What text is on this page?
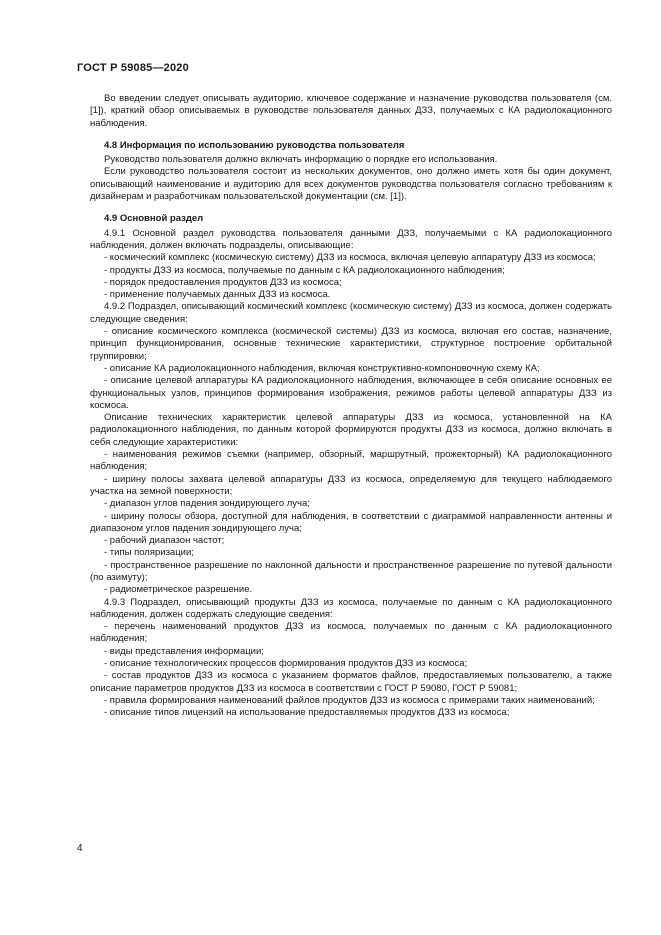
ГОСТ Р 59085—2020

Во введении следует описывать аудиторию, ключевое содержание и назначение руководства пользователя (см. [1]), краткий обзор описываемых в руководстве пользователя данных ДЗЗ, получаемых с КА радиолокационного наблюдения.

4.8 Информация по использованию руководства пользователя

Руководство пользователя должно включать информацию о порядке его использования.

Если руководство пользователя состоит из нескольких документов, оно должно иметь хотя бы один документ, описывающий наименование и аудиторию для всех документов руководства пользователя согласно требованиям к дизайнерам и разработчикам пользовательской документации (см. [1]).

4.9 Основной раздел

4.9.1 Основной раздел руководства пользователя данными ДЗЗ, получаемыми с КА радиолокационного наблюдения, должен включать подразделы, описывающие:

- космический комплекс (космическую систему) ДЗЗ из космоса, включая целевую аппаратуру ДЗЗ из космоса;

- продукты ДЗЗ из космоса, получаемые по данным с КА радиолокационного наблюдения;

- порядок предоставления продуктов ДЗЗ из космоса;

- применение получаемых данных ДЗЗ из космоса.

4.9.2 Подраздел, описывающий космический комплекс (космическую систему) ДЗЗ из космоса, должен содержать следующие сведения:

- описание космического комплекса (космической системы) ДЗЗ из космоса, включая его состав, назначение, принцип функционирования, основные технические характеристики, структурное построение орбитальной группировки;

- описание КА радиолокационного наблюдения, включая конструктивно-компоновочную схему КА;

- описание целевой аппаратуры КА радиолокационного наблюдения, включающее в себя описание основных ее функциональных узлов, принципов формирования изображения, режимов работы целевой аппаратуры ДЗЗ из космоса.

Описание технических характеристик целевой аппаратуры ДЗЗ из космоса, установленной на КА радиолокационного наблюдения, по данным которой формируются продукты ДЗЗ из космоса, должно включать в себя следующие характеристики:

- наименования режимов съемки (например, обзорный, маршрутный, прожекторный) КА радиолокационного наблюдения;

- ширину полосы захвата целевой аппаратуры ДЗЗ из космоса, определяемую для текущего наблюдаемого участка на земной поверхности;

- диапазон углов падения зондирующего луча;

- ширину полосы обзора, доступной для наблюдения, в соответствии с диаграммой направленности антенны и диапазоном углов падения зондирующего луча;

- рабочий диапазон частот;

- типы поляризации;

- пространственное разрешение по наклонной дальности и пространственное разрешение по путевой дальности (по азимуту);

- радиометрическое разрешение.

4.9.3 Подраздел, описывающий продукты ДЗЗ из космоса, получаемые по данным с КА радиолокационного наблюдения, должен содержать следующие сведения:

- перечень наименований продуктов ДЗЗ из космоса, получаемых по данным с КА радиолокационного наблюдения;

- виды представления информации;

- описание технологических процессов формирования продуктов ДЗЗ из космоса;

- состав продуктов ДЗЗ из космоса с указанием форматов файлов, предоставляемых пользователю, а также описание параметров продуктов ДЗЗ из космоса в соответствии с ГОСТ Р 59080, ГОСТ Р 59081;

- правила формирования наименований файлов продуктов ДЗЗ из космоса с примерами таких наименований;

- описание типов лицензий на использование предоставляемых продуктов ДЗЗ из космоса;

4
